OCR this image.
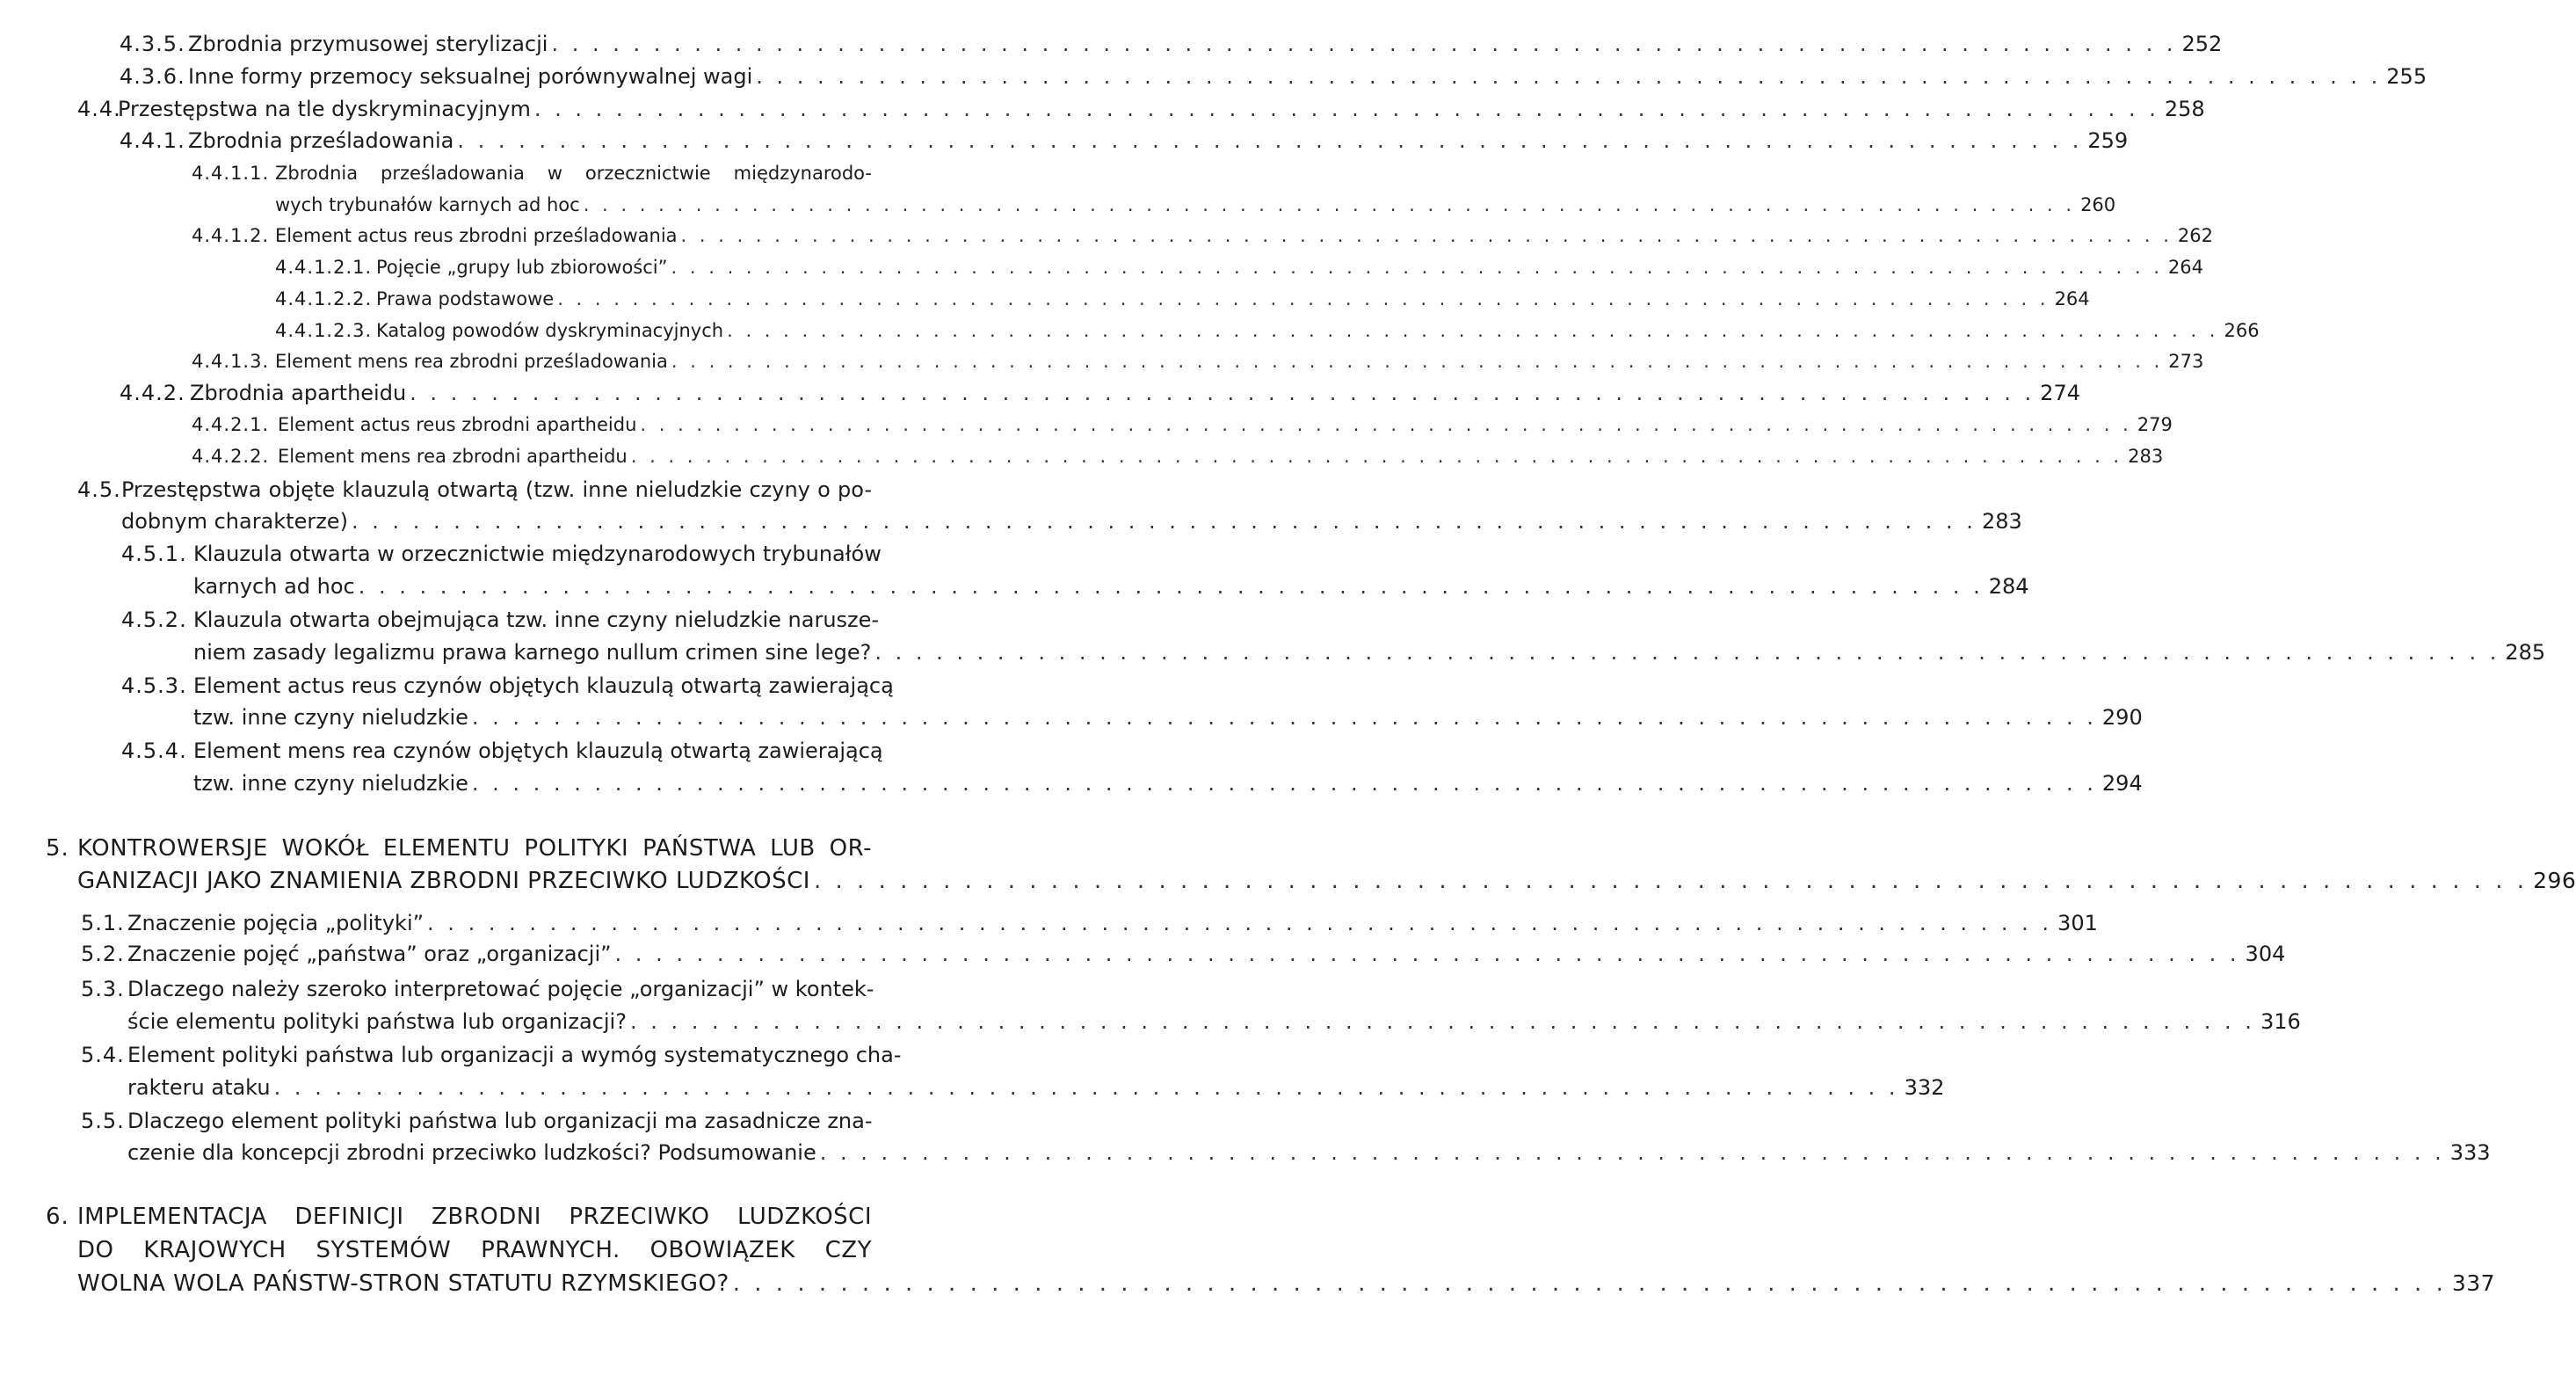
4.3.5. Zbrodnia przymusowej sterylizacji . . . . . . . . . . . . . . . . . . . . . . . . . . . . . . . . . . . . . . . . . . . . . . . . . . . . . . . . . . . . . . . . . . . . . . . . . . . . . . . . 252
4.3.6. Inne formy przemocy seksualnej porównywalnej wagi . . . . . . . . . . . . . . . . . . . . . . . . . . . . . . . . . . . . . . . . . . . . . . . . . . . . . . . . . . . . . . . . . . . . . . . . . . . . . . . . 255
4.4.
Przestępstwa na tle dyskryminacyjnym . . . . . . . . . . . . . . . . . . . . . . . . . . . . . . . . . . . . . . . . . . . . . . . . . . . . . . . . . . . . . . . . . . . . . . . . . . . . . . . . 258
4.4.1. Zbrodnia prześladowania . . . . . . . . . . . . . . . . . . . . . . . . . . . . . . . . . . . . . . . . . . . . . . . . . . . . . . . . . . . . . . . . . . . . . . . . . . . . . . . . 259
4.4.1.1. Zbrodnia prześladowania w orzecznictwie międzynarodo-
wych trybunałów karnych ad hoc . . . . . . . . . . . . . . . . . . . . . . . . . . . . . . . . . . . . . . . . . . . . . . . . . . . . . . . . . . . . . . . . . . . . . . . . . . . . . . . . 260
4.4.1.2. Element actus reus zbrodni prześladowania . . . . . . . . . . . . . . . . . . . . . . . . . . . . . . . . . . . . . . . . . . . . . . . . . . . . . . . . . . . . . . . . . . . . . . . . . . . . . . . . 262
4.4.1.2.1. Pojęcie „grupy lub zbiorowości” . . . . . . . . . . . . . . . . . . . . . . . . . . . . . . . . . . . . . . . . . . . . . . . . . . . . . . . . . . . . . . . . . . . . . . . . . . . . . . . . 264
4.4.1.2.2. Prawa podstawowe . . . . . . . . . . . . . . . . . . . . . . . . . . . . . . . . . . . . . . . . . . . . . . . . . . . . . . . . . . . . . . . . . . . . . . . . . . . . . . . . 264
4.4.1.2.3. Katalog powodów dyskryminacyjnych . . . . . . . . . . . . . . . . . . . . . . . . . . . . . . . . . . . . . . . . . . . . . . . . . . . . . . . . . . . . . . . . . . . . . . . . . . . . . . . . 266
4.4.1.3. Element mens rea zbrodni prześladowania . . . . . . . . . . . . . . . . . . . . . . . . . . . . . . . . . . . . . . . . . . . . . . . . . . . . . . . . . . . . . . . . . . . . . . . . . . . . . . . . 273
4.4.2. Zbrodnia apartheidu . . . . . . . . . . . . . . . . . . . . . . . . . . . . . . . . . . . . . . . . . . . . . . . . . . . . . . . . . . . . . . . . . . . . . . . . . . . . . . . . 274
4.4.2.1. Element actus reus zbrodni apartheidu . . . . . . . . . . . . . . . . . . . . . . . . . . . . . . . . . . . . . . . . . . . . . . . . . . . . . . . . . . . . . . . . . . . . . . . . . . . . . . . . 279
4.4.2.2. Element mens rea zbrodni apartheidu . . . . . . . . . . . . . . . . . . . . . . . . . . . . . . . . . . . . . . . . . . . . . . . . . . . . . . . . . . . . . . . . . . . . . . . . . . . . . . . . 283
4.5. Przestępstwa objęte klauzulą otwartą (tzw. inne nieludzkie czyny o po-
dobnym charakterze) . . . . . . . . . . . . . . . . . . . . . . . . . . . . . . . . . . . . . . . . . . . . . . . . . . . . . . . . . . . . . . . . . . . . . . . . . . . . . . . . 283
4.5.1. Klauzula otwarta w orzecznictwie międzynarodowych trybunałów
karnych ad hoc . . . . . . . . . . . . . . . . . . . . . . . . . . . . . . . . . . . . . . . . . . . . . . . . . . . . . . . . . . . . . . . . . . . . . . . . . . . . . . . . 284
4.5.2. Klauzula otwarta obejmująca tzw. inne czyny nieludzkie narusze-
niem zasady legalizmu prawa karnego nullum crimen sine lege? . . . . . . . . . . . . . . . . . . . . . . . . . . . . . . . . . . . . . . . . . . . . . . . . . . . . . . . . . . . . . . . . . . . . . . . . . . . . . . . . 285
4.5.3. Element actus reus czynów objętych klauzulą otwartą zawierającą
tzw. inne czyny nieludzkie . . . . . . . . . . . . . . . . . . . . . . . . . . . . . . . . . . . . . . . . . . . . . . . . . . . . . . . . . . . . . . . . . . . . . . . . . . . . . . . . 290
4.5.4. Element mens rea czynów objętych klauzulą otwartą zawierającą
tzw. inne czyny nieludzkie . . . . . . . . . . . . . . . . . . . . . . . . . . . . . . . . . . . . . . . . . . . . . . . . . . . . . . . . . . . . . . . . . . . . . . . . . . . . . . . . 294
5. KONTROWERSJE WOKÓŁ ELEMENTU POLITYKI PAŃSTWA LUB OR-
GANIZACJI JAKO ZNAMIENIA ZBRODNI PRZECIWKO LUDZKOŚCI . . . . . . . . . . . . . . . . . . . . . . . . . . . . . . . . . . . . . . . . . . . . . . . . . . . . . . . . . . . . . . . . . . . . . . . . . . . . . . . . 296
5.1. Znaczenie pojęcia „polityki” . . . . . . . . . . . . . . . . . . . . . . . . . . . . . . . . . . . . . . . . . . . . . . . . . . . . . . . . . . . . . . . . . . . . . . . . . . . . . . . . 301
5.2. Znaczenie pojęć „państwa” oraz „organizacji” . . . . . . . . . . . . . . . . . . . . . . . . . . . . . . . . . . . . . . . . . . . . . . . . . . . . . . . . . . . . . . . . . . . . . . . . . . . . . . . . 304
5.3. Dlaczego należy szeroko interpretować pojęcie „organizacji” w kontek-
ście elementu polityki państwa lub organizacji? . . . . . . . . . . . . . . . . . . . . . . . . . . . . . . . . . . . . . . . . . . . . . . . . . . . . . . . . . . . . . . . . . . . . . . . . . . . . . . . . 316
5.4. Element polityki państwa lub organizacji a wymóg systematycznego cha-
rakteru ataku . . . . . . . . . . . . . . . . . . . . . . . . . . . . . . . . . . . . . . . . . . . . . . . . . . . . . . . . . . . . . . . . . . . . . . . . . . . . . . . . 332
5.5. Dlaczego element polityki państwa lub organizacji ma zasadnicze zna-
czenie dla koncepcji zbrodni przeciwko ludzkości? Podsumowanie . . . . . . . . . . . . . . . . . . . . . . . . . . . . . . . . . . . . . . . . . . . . . . . . . . . . . . . . . . . . . . . . . . . . . . . . . . . . . . . . 333
6. IMPLEMENTACJA DEFINICJI ZBRODNI PRZECIWKO LUDZKOŚCI
DO KRAJOWYCH SYSTEMÓW PRAWNYCH. OBOWIĄZEK CZY
WOLNA WOLA PAŃSTW-STRON STATUTU RZYMSKIEGO? . . . . . . . . . . . . . . . . . . . . . . . . . . . . . . . . . . . . . . . . . . . . . . . . . . . . . . . . . . . . . . . . . . . . . . . . . . . . . . . . 337
